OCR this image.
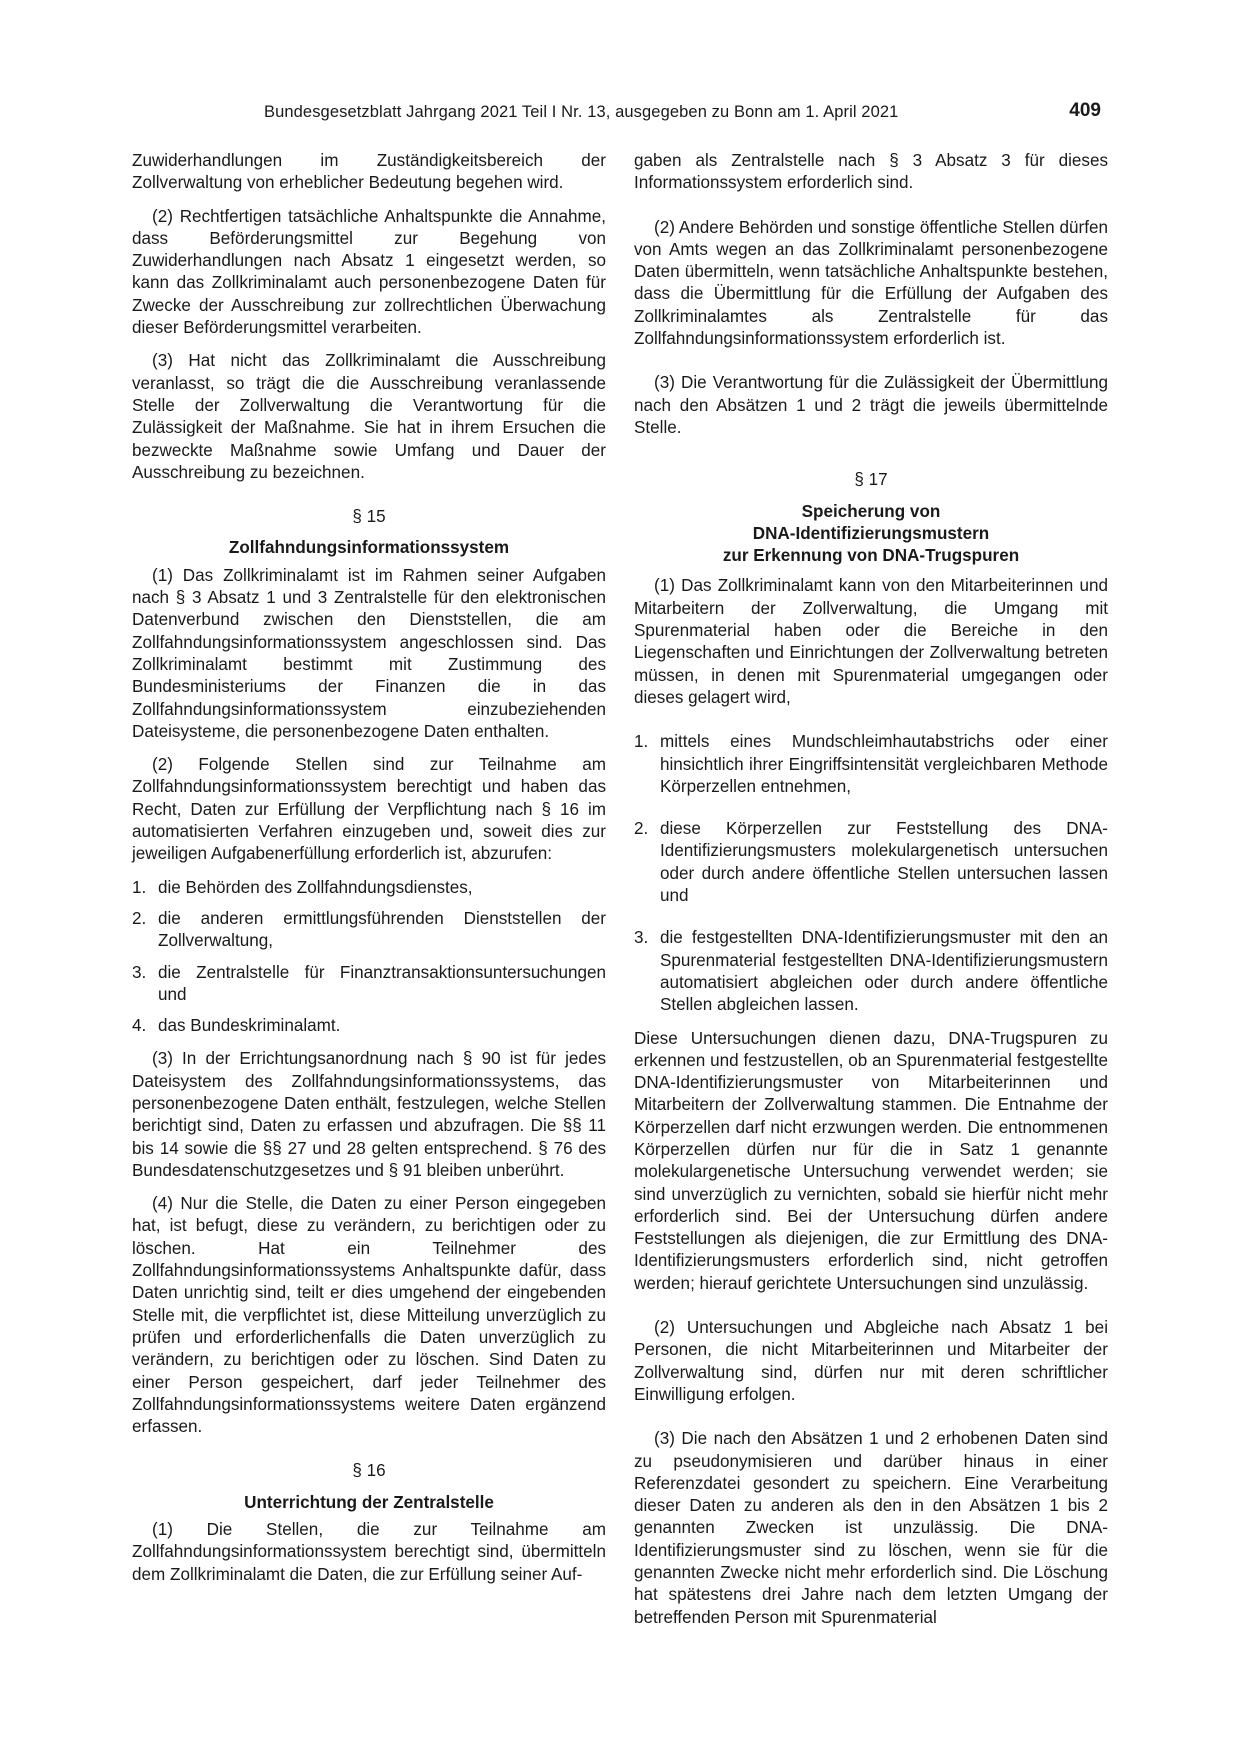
Bundesgesetzblatt Jahrgang 2021 Teil I Nr. 13, ausgegeben zu Bonn am 1. April 2021	409

Zuwiderhandlungen im Zuständigkeitsbereich der Zollverwaltung von erheblicher Bedeutung begehen wird.

(2) Rechtfertigen tatsächliche Anhaltspunkte die Annahme, dass Beförderungsmittel zur Begehung von Zuwiderhandlungen nach Absatz 1 eingesetzt werden, so kann das Zollkriminalamt auch personenbezogene Daten für Zwecke der Ausschreibung zur zollrechtlichen Überwachung dieser Beförderungsmittel verarbeiten.

(3) Hat nicht das Zollkriminalamt die Ausschreibung veranlasst, so trägt die die Ausschreibung veranlassende Stelle der Zollverwaltung die Verantwortung für die Zulässigkeit der Maßnahme. Sie hat in ihrem Ersuchen die bezweckte Maßnahme sowie Umfang und Dauer der Ausschreibung zu bezeichnen.

§ 15
Zollfahndungsinformationssystem

(1) Das Zollkriminalamt ist im Rahmen seiner Aufgaben nach § 3 Absatz 1 und 3 Zentralstelle für den elektronischen Datenverbund zwischen den Dienststellen, die am Zollfahndungsinformationssystem angeschlossen sind. Das Zollkriminalamt bestimmt mit Zustimmung des Bundesministeriums der Finanzen die in das Zollfahndungsinformationssystem einzubeziehenden Dateisysteme, die personenbezogene Daten enthalten.

(2) Folgende Stellen sind zur Teilnahme am Zollfahndungsinformationssystem berechtigt und haben das Recht, Daten zur Erfüllung der Verpflichtung nach § 16 im automatisierten Verfahren einzugeben und, soweit dies zur jeweiligen Aufgabenerfüllung erforderlich ist, abzurufen:

1. die Behörden des Zollfahndungsdienstes,
2. die anderen ermittlungsführenden Dienststellen der Zollverwaltung,
3. die Zentralstelle für Finanztransaktionsuntersuchungen und
4. das Bundeskriminalamt.

(3) In der Errichtungsanordnung nach § 90 ist für jedes Dateisystem des Zollfahndungsinformationssystems, das personenbezogene Daten enthält, festzulegen, welche Stellen berichtigt sind, Daten zu erfassen und abzufragen. Die §§ 11 bis 14 sowie die §§ 27 und 28 gelten entsprechend. § 76 des Bundesdatenschutzgesetzes und § 91 bleiben unberührt.

(4) Nur die Stelle, die Daten zu einer Person eingegeben hat, ist befugt, diese zu verändern, zu berichtigen oder zu löschen. Hat ein Teilnehmer des Zollfahndungsinformationssystems Anhaltspunkte dafür, dass Daten unrichtig sind, teilt er dies umgehend der eingebenden Stelle mit, die verpflichtet ist, diese Mitteilung unverzüglich zu prüfen und erforderlichenfalls die Daten unverzüglich zu verändern, zu berichtigen oder zu löschen. Sind Daten zu einer Person gespeichert, darf jeder Teilnehmer des Zollfahndungsinformationssystems weitere Daten ergänzend erfassen.

§ 16
Unterrichtung der Zentralstelle

(1) Die Stellen, die zur Teilnahme am Zollfahndungsinformationssystem berechtigt sind, übermitteln dem Zollkriminalamt die Daten, die zur Erfüllung seiner Auf-

gaben als Zentralstelle nach § 3 Absatz 3 für dieses Informationssystem erforderlich sind.

(2) Andere Behörden und sonstige öffentliche Stellen dürfen von Amts wegen an das Zollkriminalamt personenbezogene Daten übermitteln, wenn tatsächliche Anhaltspunkte bestehen, dass die Übermittlung für die Erfüllung der Aufgaben des Zollkriminalamtes als Zentralstelle für das Zollfahndungsinformationssystem erforderlich ist.

(3) Die Verantwortung für die Zulässigkeit der Übermittlung nach den Absätzen 1 und 2 trägt die jeweils übermittelnde Stelle.

§ 17
Speicherung von
DNA-Identifizierungsmustern
zur Erkennung von DNA-Trugspuren

(1) Das Zollkriminalamt kann von den Mitarbeiterinnen und Mitarbeitern der Zollverwaltung, die Umgang mit Spurenmaterial haben oder die Bereiche in den Liegenschaften und Einrichtungen der Zollverwaltung betreten müssen, in denen mit Spurenmaterial umgegangen oder dieses gelagert wird,

1. mittels eines Mundschleimhautabstrichs oder einer hinsichtlich ihrer Eingriffsintensität vergleichbaren Methode Körperzellen entnehmen,
2. diese Körperzellen zur Feststellung des DNA-Identifizierungsmusters molekulargenetisch untersuchen oder durch andere öffentliche Stellen untersuchen lassen und
3. die festgestellten DNA-Identifizierungsmuster mit den an Spurenmaterial festgestellten DNA-Identifizierungsmustern automatisiert abgleichen oder durch andere öffentliche Stellen abgleichen lassen.

Diese Untersuchungen dienen dazu, DNA-Trugspuren zu erkennen und festzustellen, ob an Spurenmaterial festgestellte DNA-Identifizierungsmuster von Mitarbeiterinnen und Mitarbeitern der Zollverwaltung stammen. Die Entnahme der Körperzellen darf nicht erzwungen werden. Die entnommenen Körperzellen dürfen nur für die in Satz 1 genannte molekulargenetische Untersuchung verwendet werden; sie sind unverzüglich zu vernichten, sobald sie hierfür nicht mehr erforderlich sind. Bei der Untersuchung dürfen andere Feststellungen als diejenigen, die zur Ermittlung des DNA-Identifizierungsmusters erforderlich sind, nicht getroffen werden; hierauf gerichtete Untersuchungen sind unzulässig.

(2) Untersuchungen und Abgleiche nach Absatz 1 bei Personen, die nicht Mitarbeiterinnen und Mitarbeiter der Zollverwaltung sind, dürfen nur mit deren schriftlicher Einwilligung erfolgen.

(3) Die nach den Absätzen 1 und 2 erhobenen Daten sind zu pseudonymisieren und darüber hinaus in einer Referenzdatei gesondert zu speichern. Eine Verarbeitung dieser Daten zu anderen als den in den Absätzen 1 bis 2 genannten Zwecken ist unzulässig. Die DNA-Identifizierungsmuster sind zu löschen, wenn sie für die genannten Zwecke nicht mehr erforderlich sind. Die Löschung hat spätestens drei Jahre nach dem letzten Umgang der betreffenden Person mit Spurenmaterial
